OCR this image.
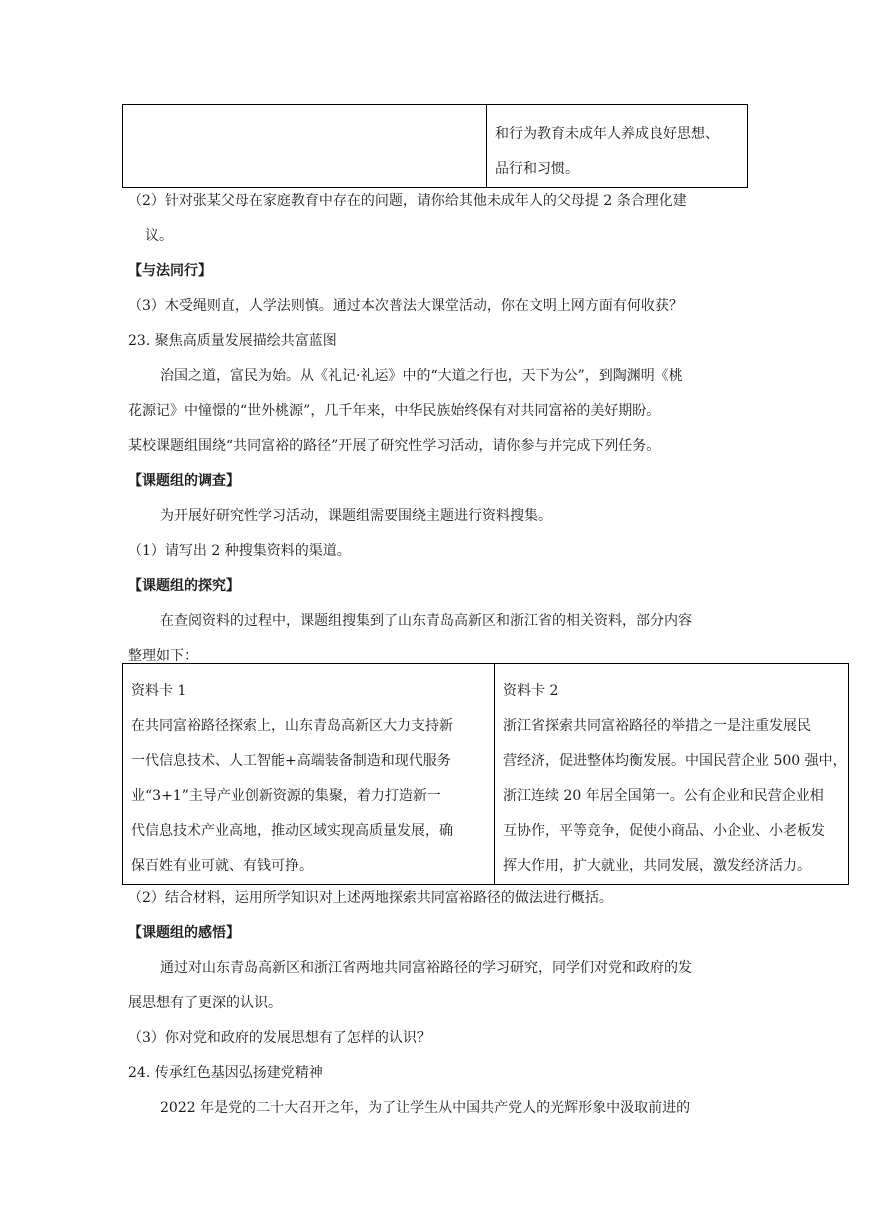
和行为教育未成年人养成良好思想、
品行和习惯。
（2）针对张某父母在家庭教育中存在的问题，请你给其他未成年人的父母提 2 条合理化建
议。
【与法同行】
（3）木受绳则直，人学法则慎。通过本次普法大课堂活动，你在文明上网方面有何收获？
23. 聚焦高质量发展描绘共富蓝图
治国之道，富民为始。从《礼记·礼运》中的“大道之行也，天下为公”，到陶渊明《桃
花源记》中憧憬的“世外桃源”，几千年来，中华民族始终保有对共同富裕的美好期盼。
某校课题组围绕“共同富裕的路径”开展了研究性学习活动，请你参与并完成下列任务。
【课题组的调查】
为开展好研究性学习活动，课题组需要围绕主题进行资料搜集。
（1）请写出 2 种搜集资料的渠道。
【课题组的探究】
在查阅资料的过程中，课题组搜集到了山东青岛高新区和浙江省的相关资料，部分内容
整理如下：
资料卡 1
在共同富裕路径探索上，山东青岛高新区大力支持新
一代信息技术、人工智能+高端装备制造和现代服务
业“3+1”主导产业创新资源的集聚，着力打造新一
代信息技术产业高地，推动区域实现高质量发展，确
保百姓有业可就、有钱可挣。

资料卡 2
浙江省探索共同富裕路径的举措之一是注重发展民
营经济，促进整体均衡发展。中国民营企业 500 强中，
浙江连续 20 年居全国第一。公有企业和民营企业相
互协作，平等竞争，促使小商品、小企业、小老板发
挥大作用，扩大就业，共同发展，激发经济活力。
（2）结合材料，运用所学知识对上述两地探索共同富裕路径的做法进行概括。
【课题组的感悟】
通过对山东青岛高新区和浙江省两地共同富裕路径的学习研究，同学们对党和政府的发
展思想有了更深的认识。
（3）你对党和政府的发展思想有了怎样的认识？
24. 传承红色基因弘扬建党精神
2022 年是党的二十大召开之年，为了让学生从中国共产党人的光辉形象中汲取前进的
